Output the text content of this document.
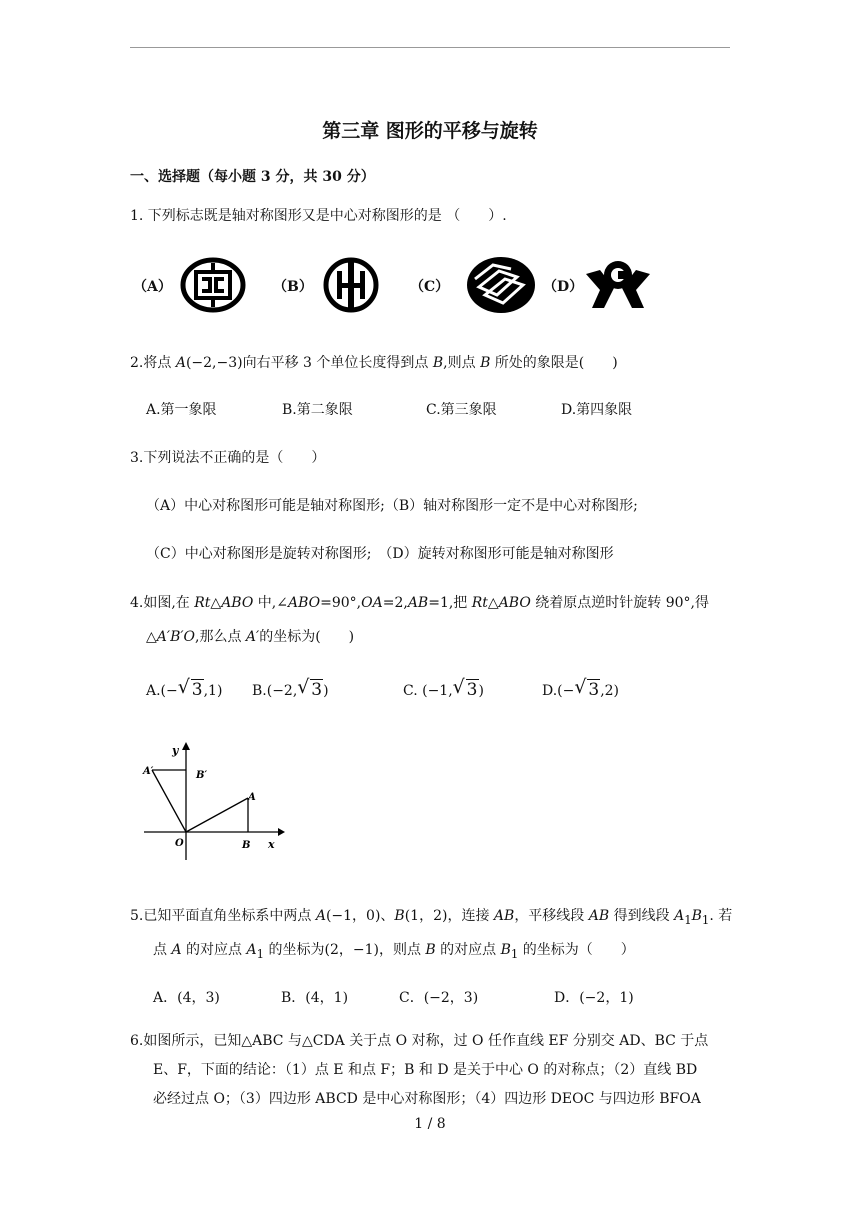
第三章 图形的平移与旋转
一、选择题（每小题 3 分，共 30 分）
1. 下列标志既是轴对称图形又是中心对称图形的是 （　　）.
（A）	（B）	（C）	（D）
2.将点 A(−2,−3)向右平移 3 个单位长度得到点 B,则点 B 所处的象限是(　　)
A.第一象限	B.第二象限	C.第三象限	D.第四象限
3.下列说法不正确的是（　　）
（A）中心对称图形可能是轴对称图形;（B）轴对称图形一定不是中心对称图形;
（C）中心对称图形是旋转对称图形;　（D）旋转对称图形可能是轴对称图形
4.如图,在 Rt△ABO 中,∠ABO=90°,OA=2,AB=1,把 Rt△ABO 绕着原点逆时针旋转 90°,得
△A′B′O,那么点 A′的坐标为(　　)
A.(− √ 3,1) B.(−2, √ 3)	C. (−1, √ 3)	D.(− √ 3,2)
y
x
O
A
B
A′	B′
5.已知平面直角坐标系中两点 A(−1，0)、B(1，2)，连接 AB，平移线段 AB 得到线段 $A_1B_1$. 若
点 A 的对应点 $A_1$ 的坐标为(2，−1)，则点 B 的对应点 $B_1$ 的坐标为（　　）
A．(4，3)	B．(4，1)	C．(−2，3)	D．(−2，1)
6.如图所示，已知△ABC 与△CDA 关于点 O 对称，过 O 任作直线 EF 分别交 AD、BC 于点
E、F，下面的结论：（1）点 E 和点 F；B 和 D 是关于中心 O 的对称点；（2）直线 BD
必经过点 O；（3）四边形 ABCD 是中心对称图形；（4）四边形 DEOC 与四边形 BFOA
1 / 8
